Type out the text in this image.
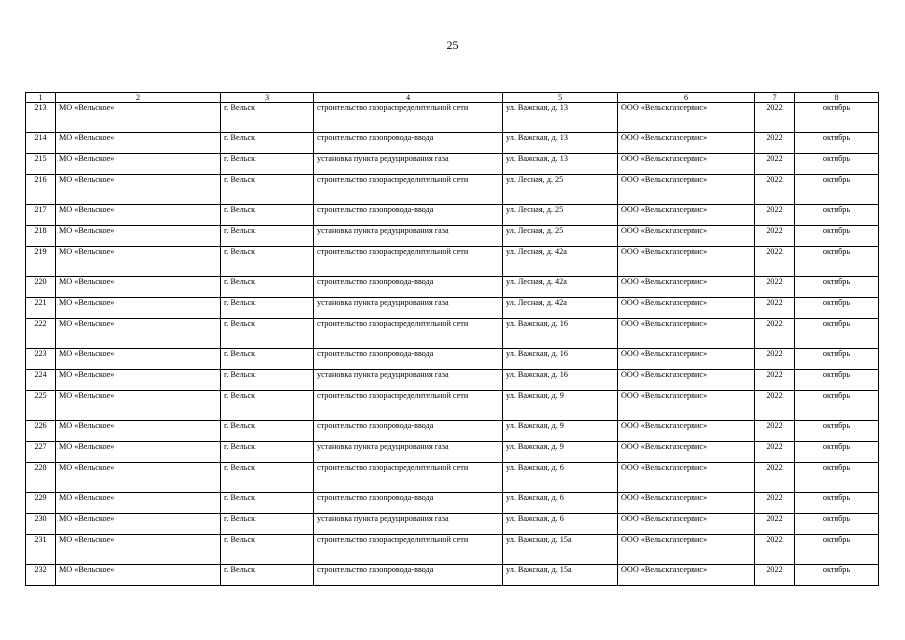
25
1	2	3	4	5	6	7	8
213	МО «Вельское»	г. Вельск	строительство газораспределительной сети	ул. Важская, д. 13	ООО «Вельскгазсервис»	2022	октябрь
214	МО «Вельское»	г. Вельск	строительство газопровода-ввода	ул. Важская, д. 13	ООО «Вельскгазсервис»	2022	октябрь
215	МО «Вельское»	г. Вельск	установка пункта редуцирования газа	ул. Важская, д. 13	ООО «Вельскгазсервис»	2022	октябрь
216	МО «Вельское»	г. Вельск	строительство газораспределительной сети	ул. Лесная, д. 25	ООО «Вельскгазсервис»	2022	октябрь
217	МО «Вельское»	г. Вельск	строительство газопровода-ввода	ул. Лесная, д. 25	ООО «Вельскгазсервис»	2022	октябрь
218	МО «Вельское»	г. Вельск	установка пункта редуцирования газа	ул. Лесная, д. 25	ООО «Вельскгазсервис»	2022	октябрь
219	МО «Вельское»	г. Вельск	строительство газораспределительной сети	ул. Лесная, д. 42а	ООО «Вельскгазсервис»	2022	октябрь
220	МО «Вельское»	г. Вельск	строительство газопровода-ввода	ул. Лесная, д. 42а	ООО «Вельскгазсервис»	2022	октябрь
221	МО «Вельское»	г. Вельск	установка пункта редуцирования газа	ул. Лесная, д. 42а	ООО «Вельскгазсервис»	2022	октябрь
222	МО «Вельское»	г. Вельск	строительство газораспределительной сети	ул. Важская, д. 16	ООО «Вельскгазсервис»	2022	октябрь
223	МО «Вельское»	г. Вельск	строительство газопровода-ввода	ул. Важская, д. 16	ООО «Вельскгазсервис»	2022	октябрь
224	МО «Вельское»	г. Вельск	установка пункта редуцирования газа	ул. Важская, д. 16	ООО «Вельскгазсервис»	2022	октябрь
225	МО «Вельское»	г. Вельск	строительство газораспределительной сети	ул. Важская, д. 9	ООО «Вельскгазсервис»	2022	октябрь
226	МО «Вельское»	г. Вельск	строительство газопровода-ввода	ул. Важская, д. 9	ООО «Вельскгазсервис»	2022	октябрь
227	МО «Вельское»	г. Вельск	установка пункта редуцирования газа	ул. Важская, д. 9	ООО «Вельскгазсервис»	2022	октябрь
228	МО «Вельское»	г. Вельск	строительство газораспределительной сети	ул. Важская, д. 6	ООО «Вельскгазсервис»	2022	октябрь
229	МО «Вельское»	г. Вельск	строительство газопровода-ввода	ул. Важская, д. 6	ООО «Вельскгазсервис»	2022	октябрь
230	МО «Вельское»	г. Вельск	установка пункта редуцирования газа	ул. Важская, д. 6	ООО «Вельскгазсервис»	2022	октябрь
231	МО «Вельское»	г. Вельск	строительство газораспределительной сети	ул. Важская, д. 15а	ООО «Вельскгазсервис»	2022	октябрь
232	МО «Вельское»	г. Вельск	строительство газопровода-ввода	ул. Важская, д. 15а	ООО «Вельскгазсервис»	2022	октябрь
